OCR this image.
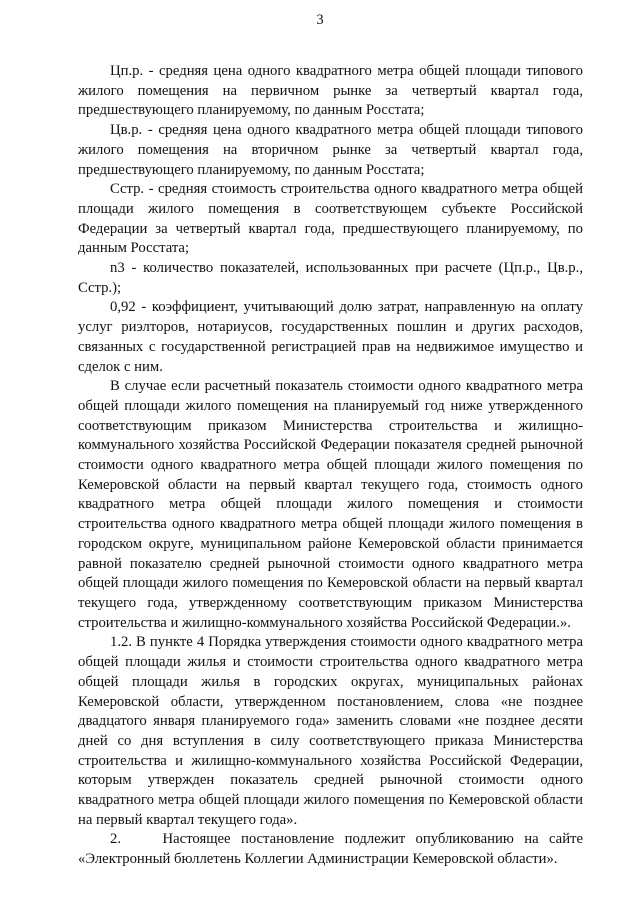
3

Цп.р. - средняя цена одного квадратного метра общей площади типового жилого помещения на первичном рынке за четвертый квартал года, предшествующего планируемому, по данным Росстата;

Цв.р. - средняя цена одного квадратного метра общей площади типового жилого помещения на вторичном рынке за четвертый квартал года, предшествующего планируемому, по данным Росстата;

Сстр. - средняя стоимость строительства одного квадратного метра общей площади жилого помещения в соответствующем субъекте Российской Федерации за четвертый квартал года, предшествующего планируемому, по данным Росстата;

n3 - количество показателей, использованных при расчете (Цп.р., Цв.р., Сстр.);

0,92 - коэффициент, учитывающий долю затрат, направленную на оплату услуг риэлторов, нотариусов, государственных пошлин и других расходов, связанных с государственной регистрацией прав на недвижимое имущество и сделок с ним.

В случае если расчетный показатель стоимости одного квадратного метра общей площади жилого помещения на планируемый год ниже утвержденного соответствующим приказом Министерства строительства и жилищно-коммунального хозяйства Российской Федерации показателя средней рыночной стоимости одного квадратного метра общей площади жилого помещения по Кемеровской области на первый квартал текущего года, стоимость одного квадратного метра общей площади жилого помещения и стоимости строительства одного квадратного метра общей площади жилого помещения в городском округе, муниципальном районе Кемеровской области принимается равной показателю средней рыночной стоимости одного квадратного метра общей площади жилого помещения по Кемеровской области на первый квартал текущего года, утвержденному соответствующим приказом Министерства строительства и жилищно-коммунального хозяйства Российской Федерации.».

1.2. В пункте 4 Порядка утверждения стоимости одного квадратного метра общей площади жилья и стоимости строительства одного квадратного метра общей площади жилья в городских округах, муниципальных районах Кемеровской области, утвержденном постановлением, слова «не позднее двадцатого января планируемого года» заменить словами «не позднее десяти дней со дня вступления в силу соответствующего приказа Министерства строительства и жилищно-коммунального хозяйства Российской Федерации, которым утвержден показатель средней рыночной стоимости одного квадратного метра общей площади жилого помещения по Кемеровской области на первый квартал текущего года».

2.    Настоящее постановление подлежит опубликованию на сайте «Электронный бюллетень Коллегии Администрации Кемеровской области».
